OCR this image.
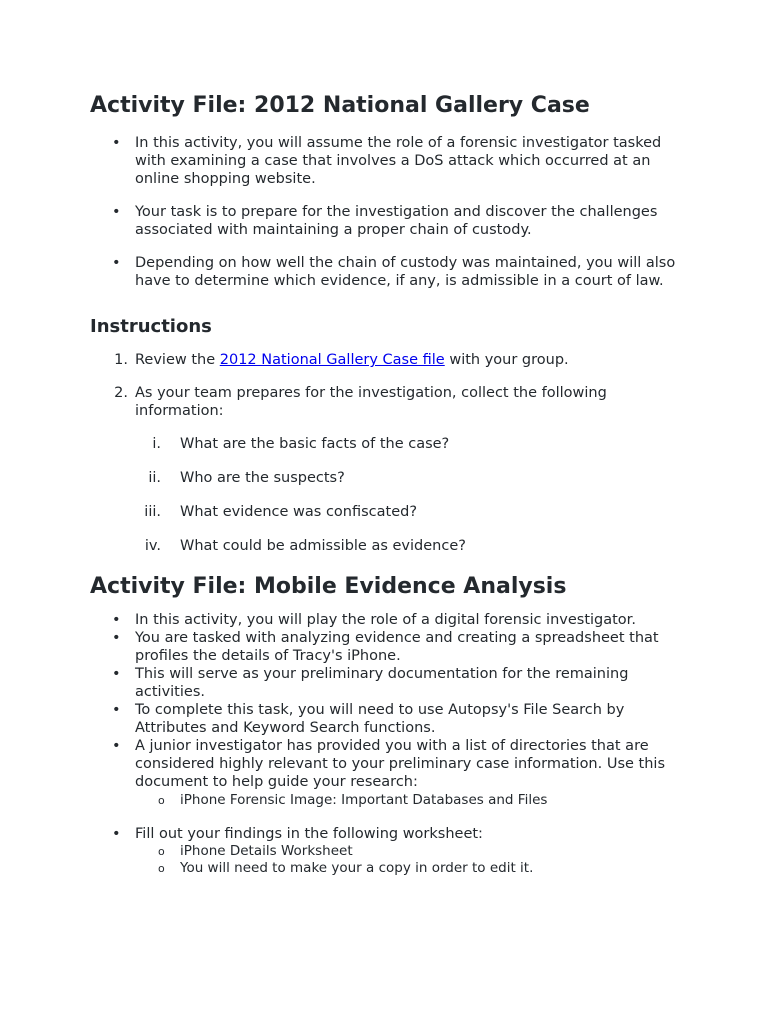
Activity File: 2012 National Gallery Case
• In this activity, you will assume the role of a forensic investigator tasked with examining a case that involves a DoS attack which occurred at an online shopping website.
• Your task is to prepare for the investigation and discover the challenges associated with maintaining a proper chain of custody.
• Depending on how well the chain of custody was maintained, you will also have to determine which evidence, if any, is admissible in a court of law.
Instructions
1. Review the 2012 National Gallery Case file with your group.
2. As your team prepares for the investigation, collect the following information:
i. What are the basic facts of the case?
ii. Who are the suspects?
iii. What evidence was confiscated?
iv. What could be admissible as evidence?
Activity File: Mobile Evidence Analysis
• In this activity, you will play the role of a digital forensic investigator.
• You are tasked with analyzing evidence and creating a spreadsheet that profiles the details of Tracy's iPhone.
• This will serve as your preliminary documentation for the remaining activities.
• To complete this task, you will need to use Autopsy's File Search by Attributes and Keyword Search functions.
• A junior investigator has provided you with a list of directories that are considered highly relevant to your preliminary case information. Use this document to help guide your research:
o iPhone Forensic Image: Important Databases and Files
• Fill out your findings in the following worksheet:
o iPhone Details Worksheet
o You will need to make your a copy in order to edit it.
